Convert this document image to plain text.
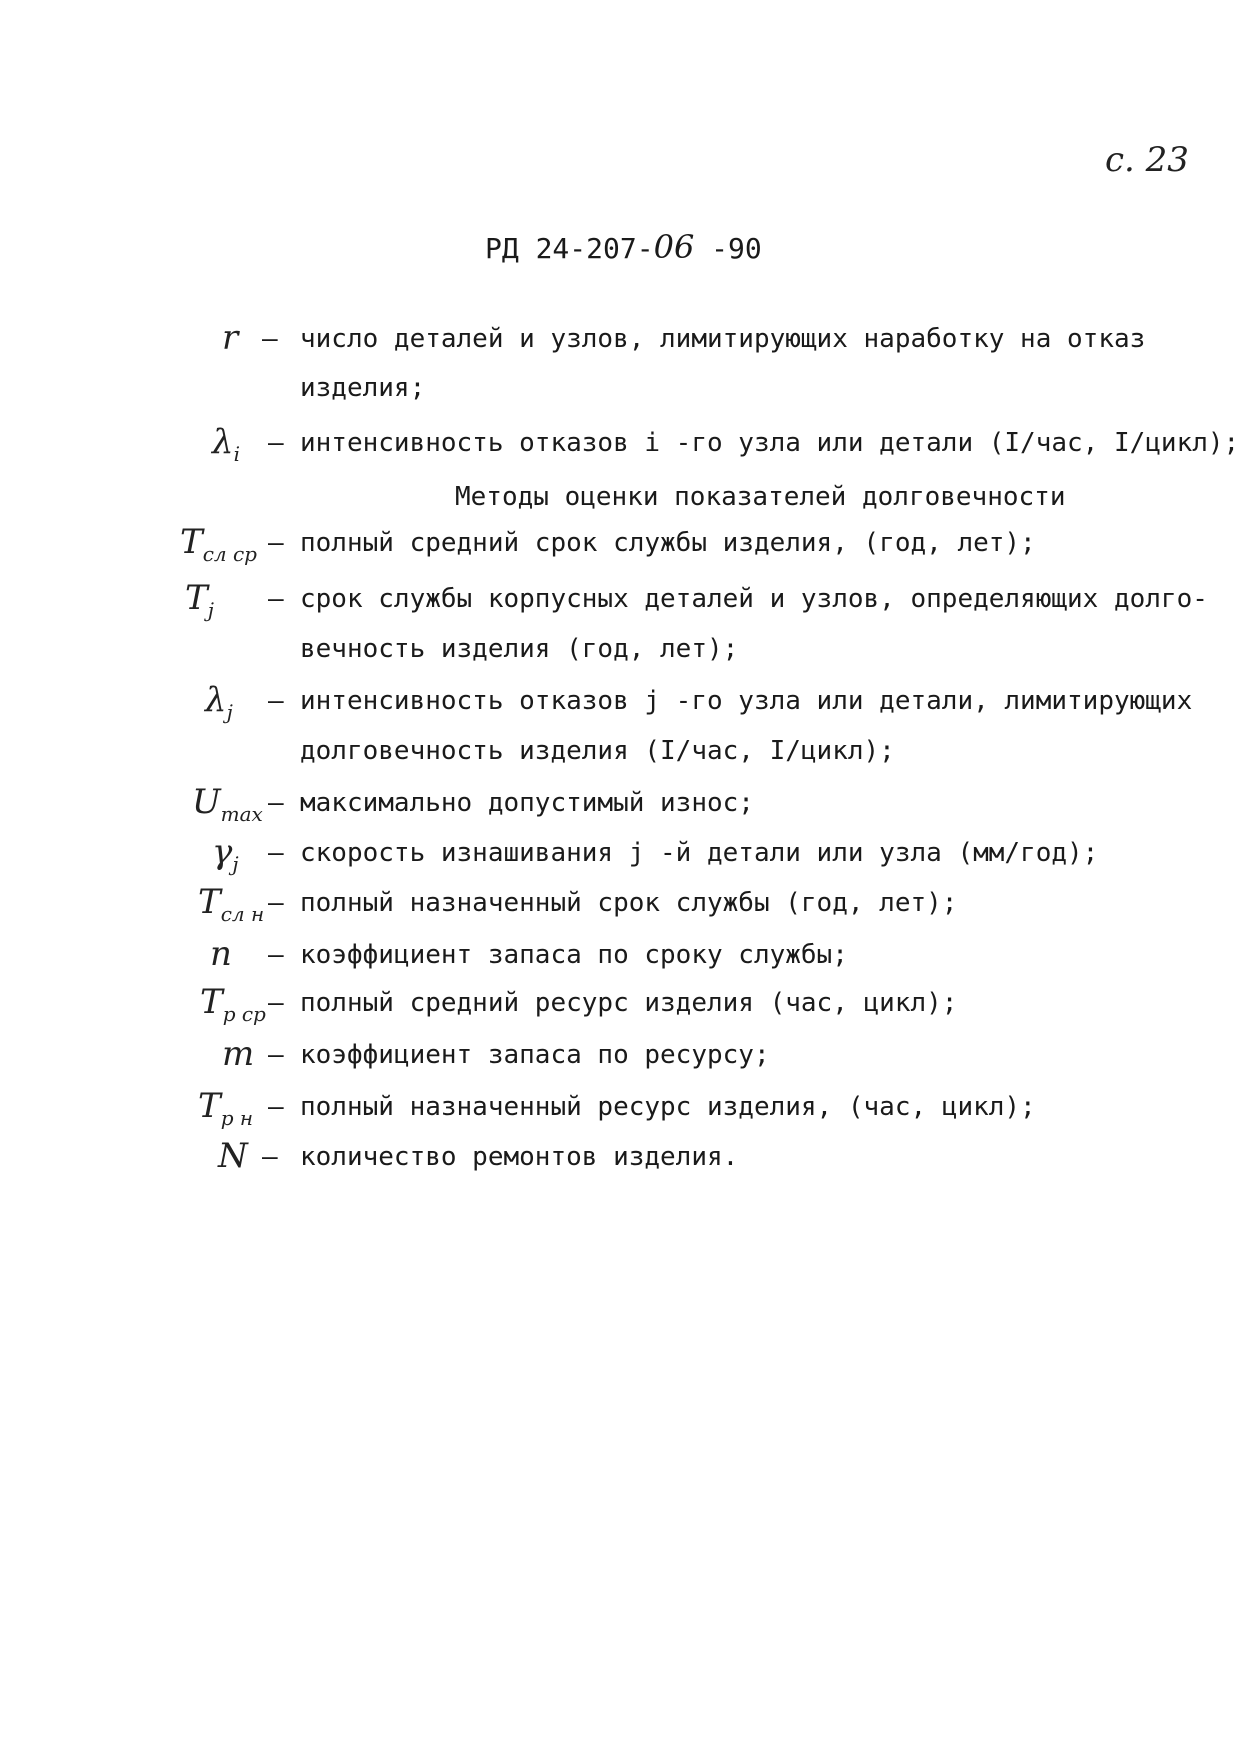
с. 23
РД 24-207-06 -90
r – число деталей и узлов, лимитирующих наработку на отказ
изделия;
$\lambda_i$ – интенсивность отказов i -го узла или детали (I/час, I/цикл);
Методы оценки показателей долговечности
$T_{сл ср}$ – полный средний срок службы изделия, (год, лет);
$T_j$ – срок службы корпусных деталей и узлов, определяющих долго-
вечность изделия (год, лет);
$\lambda_j$ – интенсивность отказов j -го узла или детали, лимитирующих
долговечность изделия (I/час, I/цикл);
$U_{max}$ – максимально допустимый износ;
$\gamma_j$ – скорость изнашивания j -й детали или узла (мм/год);
$T_{сл н}$ – полный назначенный срок службы (год, лет);
n – коэффициент запаса по сроку службы;
$T_{р ср}$ – полный средний ресурс изделия (час, цикл);
m – коэффициент запаса по ресурсу;
$T_{р н}$ – полный назначенный ресурс изделия, (час, цикл);
N – количество ремонтов изделия.
